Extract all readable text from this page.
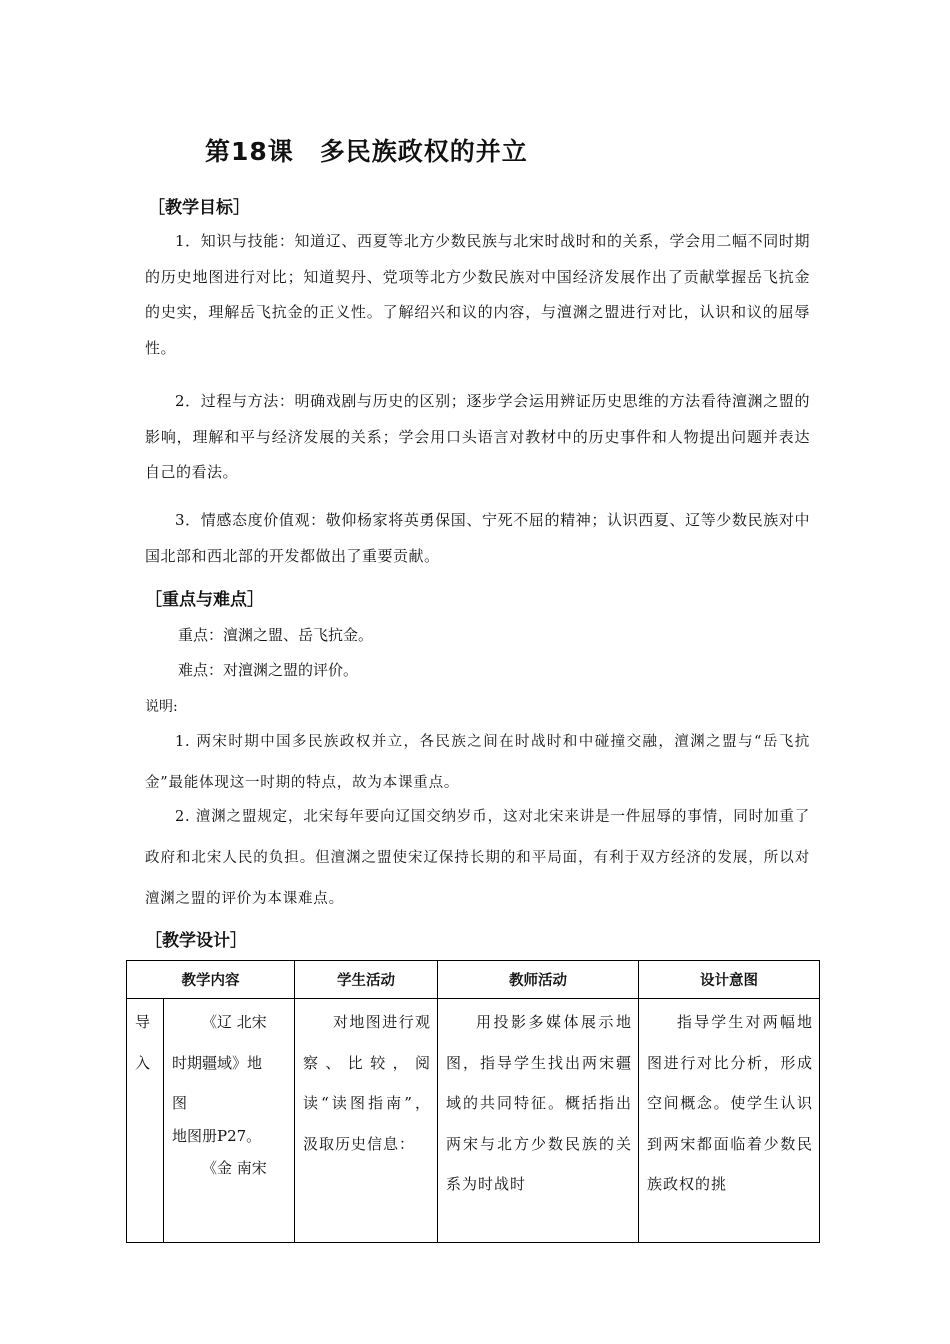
第18课 多民族政权的并立
［教学目标］

1．知识与技能：知道辽、西夏等北方少数民族与北宋时战时和的关系，学会用二幅不同时期的历史地图进行对比；知道契丹、党项等北方少数民族对中国经济发展作出了贡献掌握岳飞抗金的史实，理解岳飞抗金的正义性。了解绍兴和议的内容，与澶渊之盟进行对比，认识和议的屈辱性。

2．过程与方法：明确戏剧与历史的区别；逐步学会运用辨证历史思维的方法看待澶渊之盟的影响，理解和平与经济发展的关系；学会用口头语言对教材中的历史事件和人物提出问题并表达自己的看法。

3．情感态度价值观：敬仰杨家将英勇保国、宁死不屈的精神；认识西夏、辽等少数民族对中国北部和西北部的开发都做出了重要贡献。

［重点与难点］

重点：澶渊之盟、岳飞抗金。

难点：对澶渊之盟的评价。

说明:

1. 两宋时期中国多民族政权并立，各民族之间在时战时和中碰撞交融，澶渊之盟与“岳飞抗金”最能体现这一时期的特点，故为本课重点。

2. 澶渊之盟规定，北宋每年要向辽国交纳岁币，这对北宋来讲是一件屈辱的事情，同时加重了政府和北宋人民的负担。但澶渊之盟使宋辽保持长期的和平局面，有利于双方经济的发展，所以对澶渊之盟的评价为本课难点。

［教学设计］
教学内容		学生活动	教师活动	设计意图

导入	《辽 北宋
时期疆域》地
图
地图册P27。
《金 南宋	对地图进行观察、比较，阅读“读图指南”，汲取历史信息：	用投影多媒体展示地图，指导学生找出两宋疆域的共同特征。概括指出两宋与北方少数民族的关系为时战时	指导学生对两幅地图进行对比分析，形成空间概念。使学生认识到两宋都面临着少数民族政权的挑
